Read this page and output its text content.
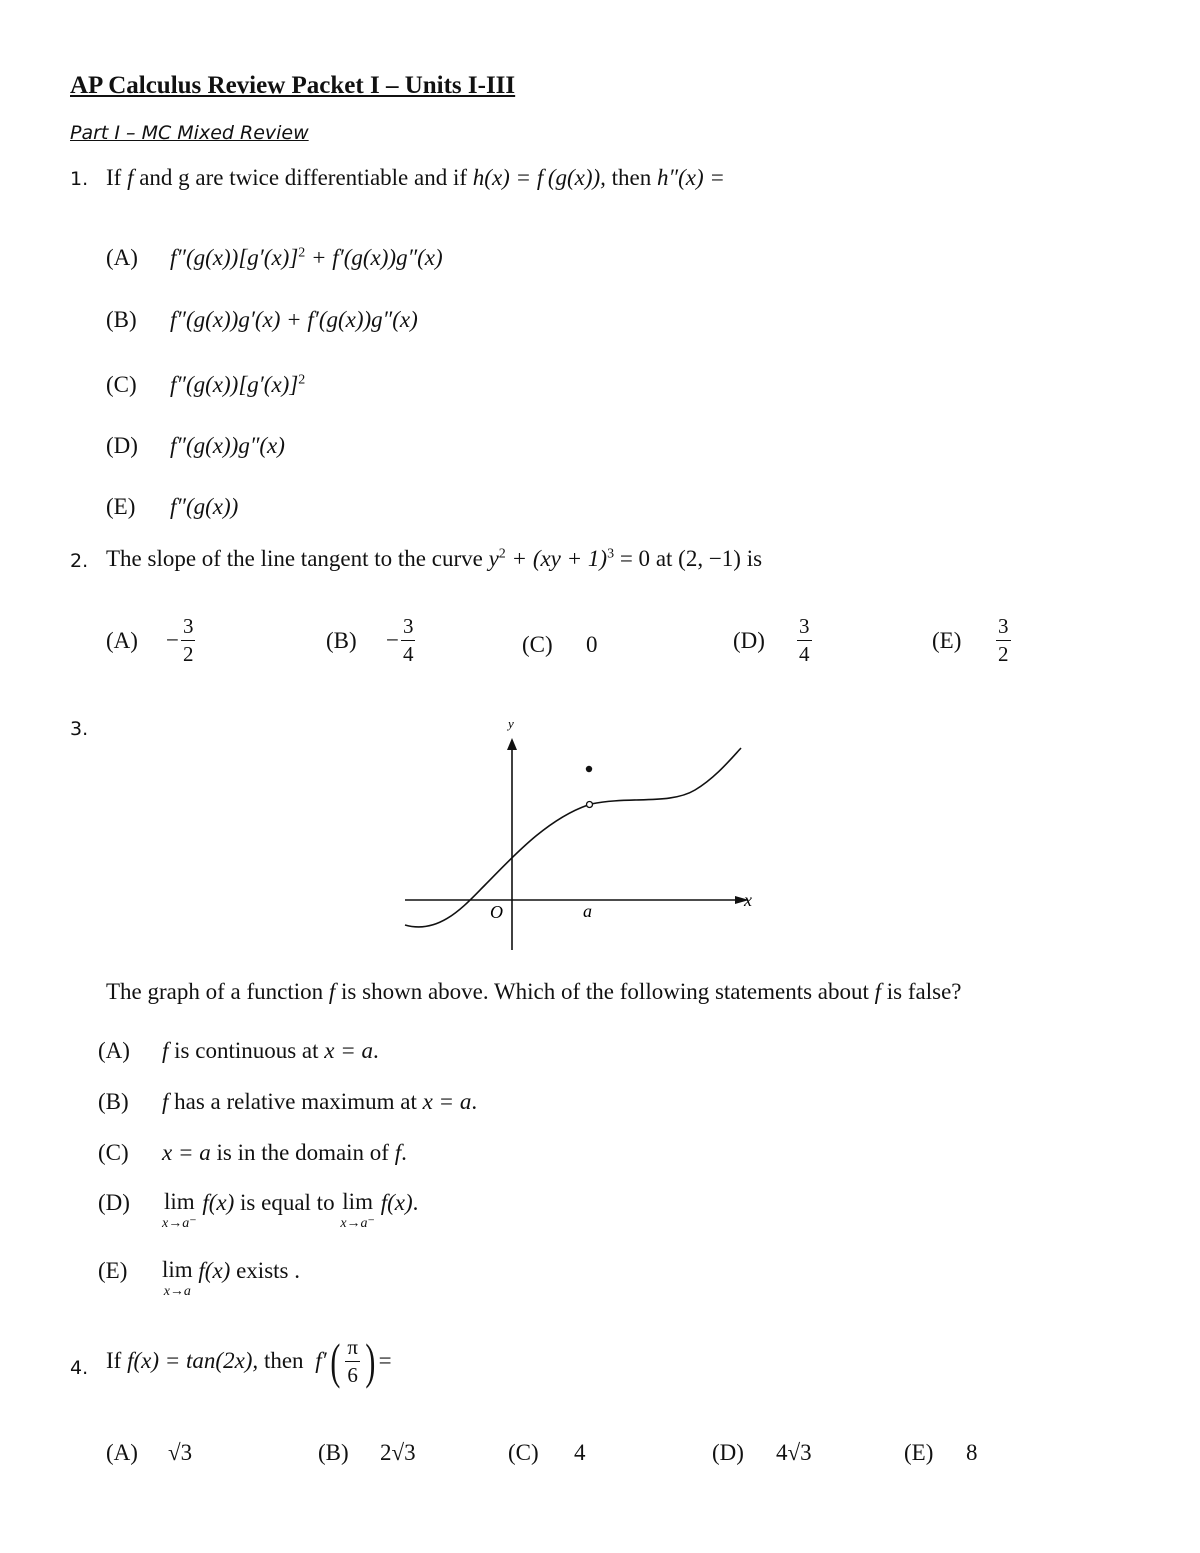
AP Calculus Review Packet I – Units I-III
Part I – MC Mixed Review
1. If f and g are twice differentiable and if h(x) = f (g(x)), then h″(x) =
(A) $f''(g(x))[g'(x)]^2 + f'(g(x))g''(x)$
(B) f″(g(x))g′(x) + f′(g(x))g″(x)
(C) $f''(g(x))[g'(x)]^2$
(D) f″(g(x))g″(x)
(E) f″(g(x))
2. The slope of the line tangent to the curve $y^2 + (xy + 1)^3 = 0$ at (2, −1) is
$(A) - \frac{3}{2}$	$(B) - \frac{3}{4}$	(C) 0	$(D) \frac{3}{4}$	$(E) \frac{3}{2}$
3.	y
x
O	a
The graph of a function f is shown above. Which of the following statements about f is false?
(A) f is continuous at x = a.
(B) f has a relative maximum at x = a.
(C) x = a is in the domain of f.
(D) lim
x→a⁻
f(x) is equal to lim
x→a⁻
f(x).
(E) lim
x→a
f(x) exists .
4. If f(x) = tan(2x), then $f'( \frac{\pi}{6}$ ) =
(A) √3	(B) 2√3	(C) 4	(D) 4√3	(E) 8
